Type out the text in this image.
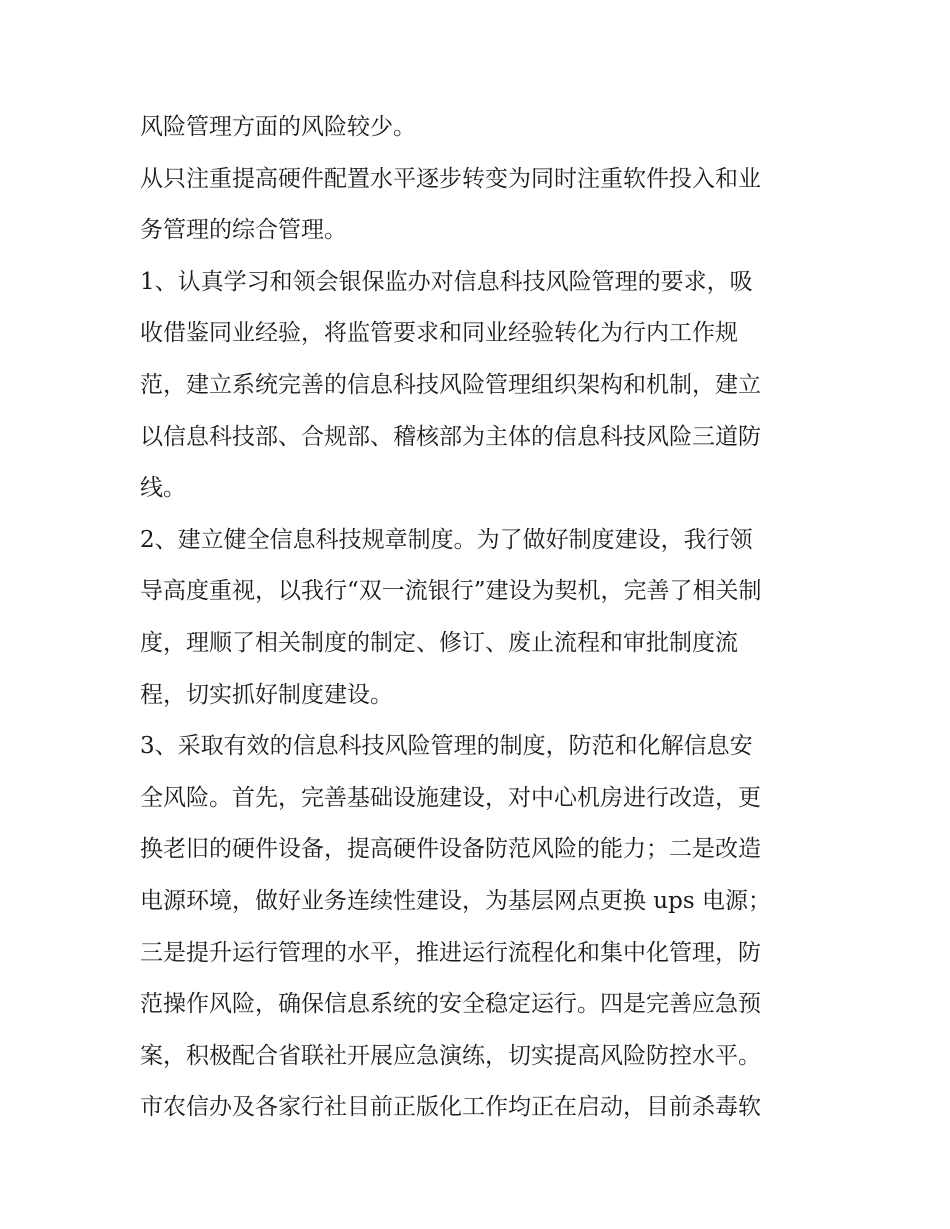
风险管理方面的风险较少。
从只注重提高硬件配置水平逐步转变为同时注重软件投入和业
务管理的综合管理。
1、认真学习和领会银保监办对信息科技风险管理的要求，吸
收借鉴同业经验，将监管要求和同业经验转化为行内工作规
范，建立系统完善的信息科技风险管理组织架构和机制，建立
以信息科技部、合规部、稽核部为主体的信息科技风险三道防
线。
2、建立健全信息科技规章制度。为了做好制度建设，我行领
导高度重视，以我行“双一流银行”建设为契机，完善了相关制
度，理顺了相关制度的制定、修订、废止流程和审批制度流
程，切实抓好制度建设。
3、采取有效的信息科技风险管理的制度，防范和化解信息安
全风险。首先，完善基础设施建设，对中心机房进行改造，更
换老旧的硬件设备，提高硬件设备防范风险的能力；二是改造
电源环境，做好业务连续性建设，为基层网点更换 ups 电源；
三是提升运行管理的水平，推进运行流程化和集中化管理，防
范操作风险，确保信息系统的安全稳定运行。四是完善应急预
案，积极配合省联社开展应急演练，切实提高风险防控水平。
市农信办及各家行社目前正版化工作均正在启动，目前杀毒软
